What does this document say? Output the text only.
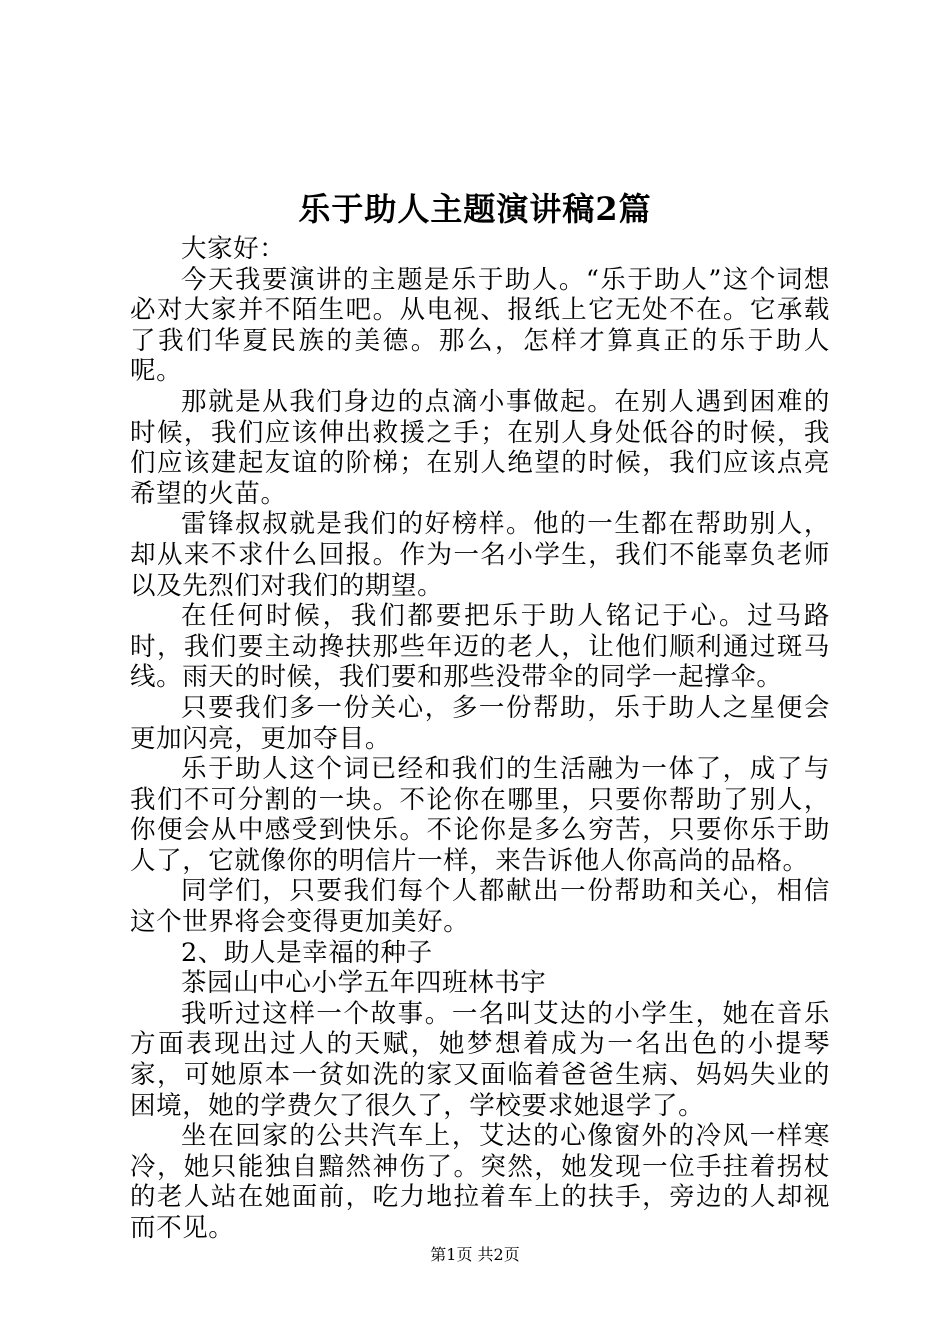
乐于助人主题演讲稿2篇

大家好：

今天我要演讲的主题是乐于助人。“乐于助人”这个词想必对大家并不陌生吧。从电视、报纸上它无处不在。它承载了我们华夏民族的美德。那么，怎样才算真正的乐于助人呢。

那就是从我们身边的点滴小事做起。在别人遇到困难的时候，我们应该伸出救援之手；在别人身处低谷的时候，我们应该建起友谊的阶梯；在别人绝望的时候，我们应该点亮希望的火苗。

雷锋叔叔就是我们的好榜样。他的一生都在帮助别人，却从来不求什么回报。作为一名小学生，我们不能辜负老师以及先烈们对我们的期望。

在任何时候，我们都要把乐于助人铭记于心。过马路时，我们要主动搀扶那些年迈的老人，让他们顺利通过斑马线。雨天的时候，我们要和那些没带伞的同学一起撑伞。

只要我们多一份关心，多一份帮助，乐于助人之星便会更加闪亮，更加夺目。

乐于助人这个词已经和我们的生活融为一体了，成了与我们不可分割的一块。不论你在哪里，只要你帮助了别人，你便会从中感受到快乐。不论你是多么穷苦，只要你乐于助人了，它就像你的明信片一样，来告诉他人你高尚的品格。

同学们，只要我们每个人都献出一份帮助和关心，相信这个世界将会变得更加美好。

2、助人是幸福的种子

茶园山中心小学五年四班林书宇

我听过这样一个故事。一名叫艾达的小学生，她在音乐方面表现出过人的天赋，她梦想着成为一名出色的小提琴家，可她原本一贫如洗的家又面临着爸爸生病、妈妈失业的困境，她的学费欠了很久了，学校要求她退学了。

坐在回家的公共汽车上，艾达的心像窗外的冷风一样寒冷，她只能独自黯然神伤了。突然，她发现一位手拄着拐杖的老人站在她面前，吃力地拉着车上的扶手，旁边的人却视而不见。

第1页 共2页
